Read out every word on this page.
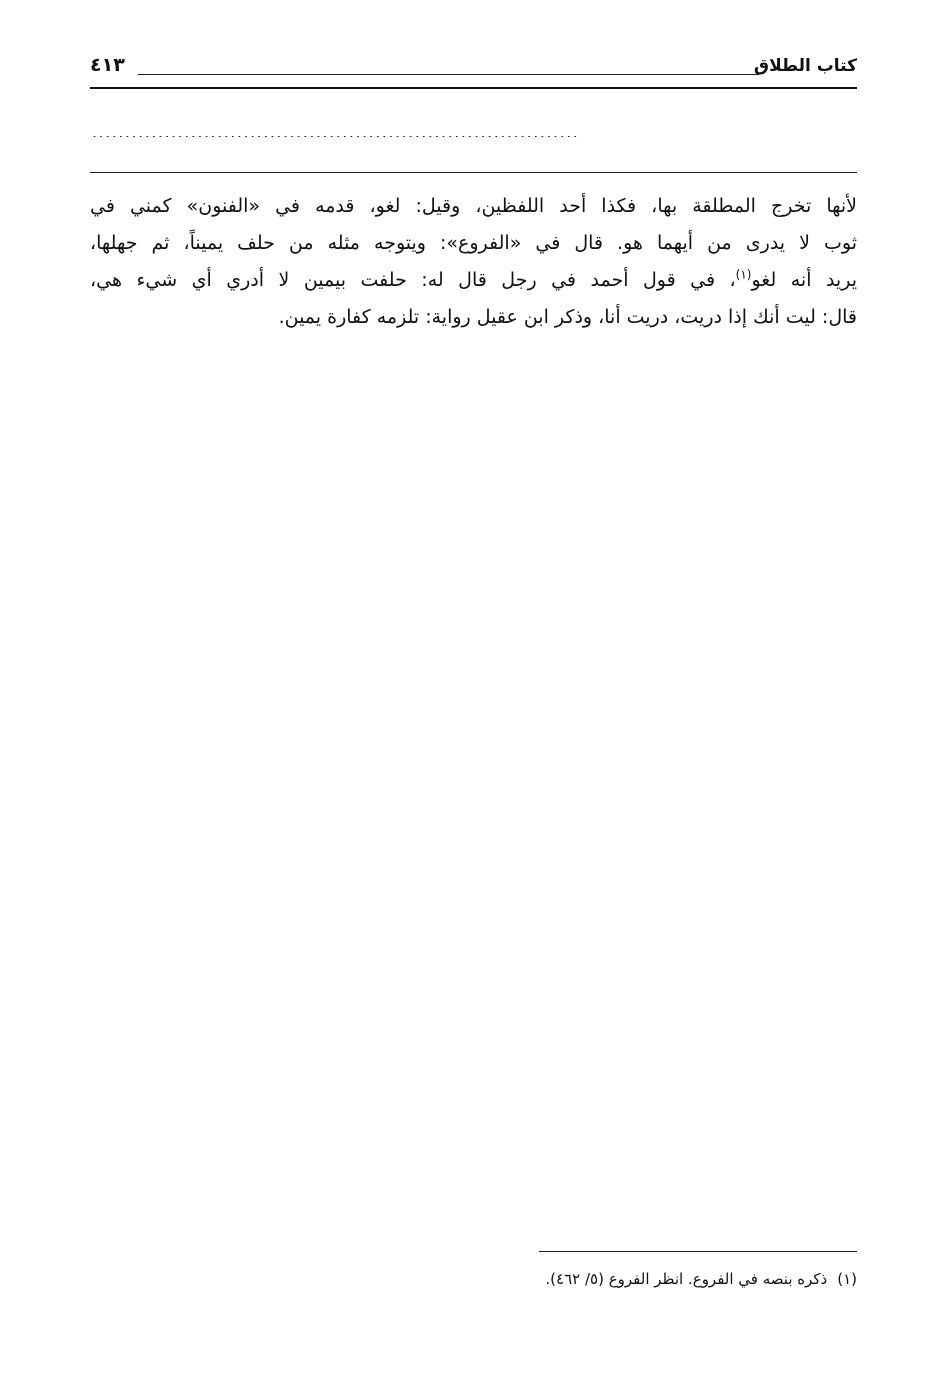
كتاب الطلاق
٤١٣
..........................................................................
لأنها تخرج المطلقة بها، فكذا أحد اللفظين، وقيل: لغو، قدمه في «الفنون» كمني في
ثوب لا يدرى من أيهما هو. قال في «الفروع»: ويتوجه مثله من حلف يميناً، ثم جهلها،
يريد أنه لغو$^{(١)}$، في قول أحمد في رجل قال له: حلفت بيمين لا أدري أي شيء هي،
قال: ليت أنك إذا دريت، دريت أنا، وذكر ابن عقيل رواية: تلزمه كفارة يمين.
(١)ذكره بنصه في الفروع. انظر الفروع (٥/ ٤٦٢).
